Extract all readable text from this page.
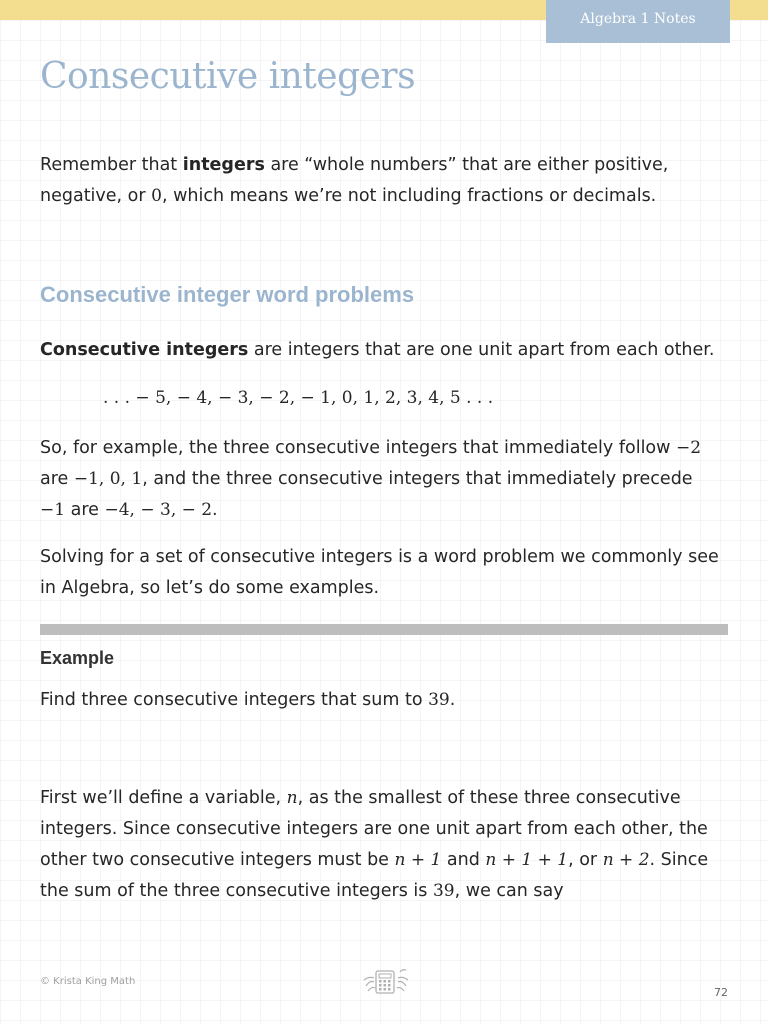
Algebra 1 Notes
Consecutive integers

Remember that integers are “whole numbers” that are either positive,
negative, or 0, which means we’re not including fractions or decimals.

Consecutive integer word problems

Consecutive integers are integers that are one unit apart from each other.

. . . − 5, − 4, − 3, − 2, − 1, 0, 1, 2, 3, 4, 5 . . .

So, for example, the three consecutive integers that immediately follow −2
are −1, 0, 1, and the three consecutive integers that immediately precede
−1 are −4, − 3, − 2.

Solving for a set of consecutive integers is a word problem we commonly see in Algebra, so let’s do some examples.

Example

Find three consecutive integers that sum to 39.

First we’ll define a variable, n, as the smallest of these three consecutive integers. Since consecutive integers are one unit apart from each other, the other two consecutive integers must be n + 1 and n + 1 + 1, or n + 2. Since the sum of the three consecutive integers is 39, we can say

© Krista King Math
72
